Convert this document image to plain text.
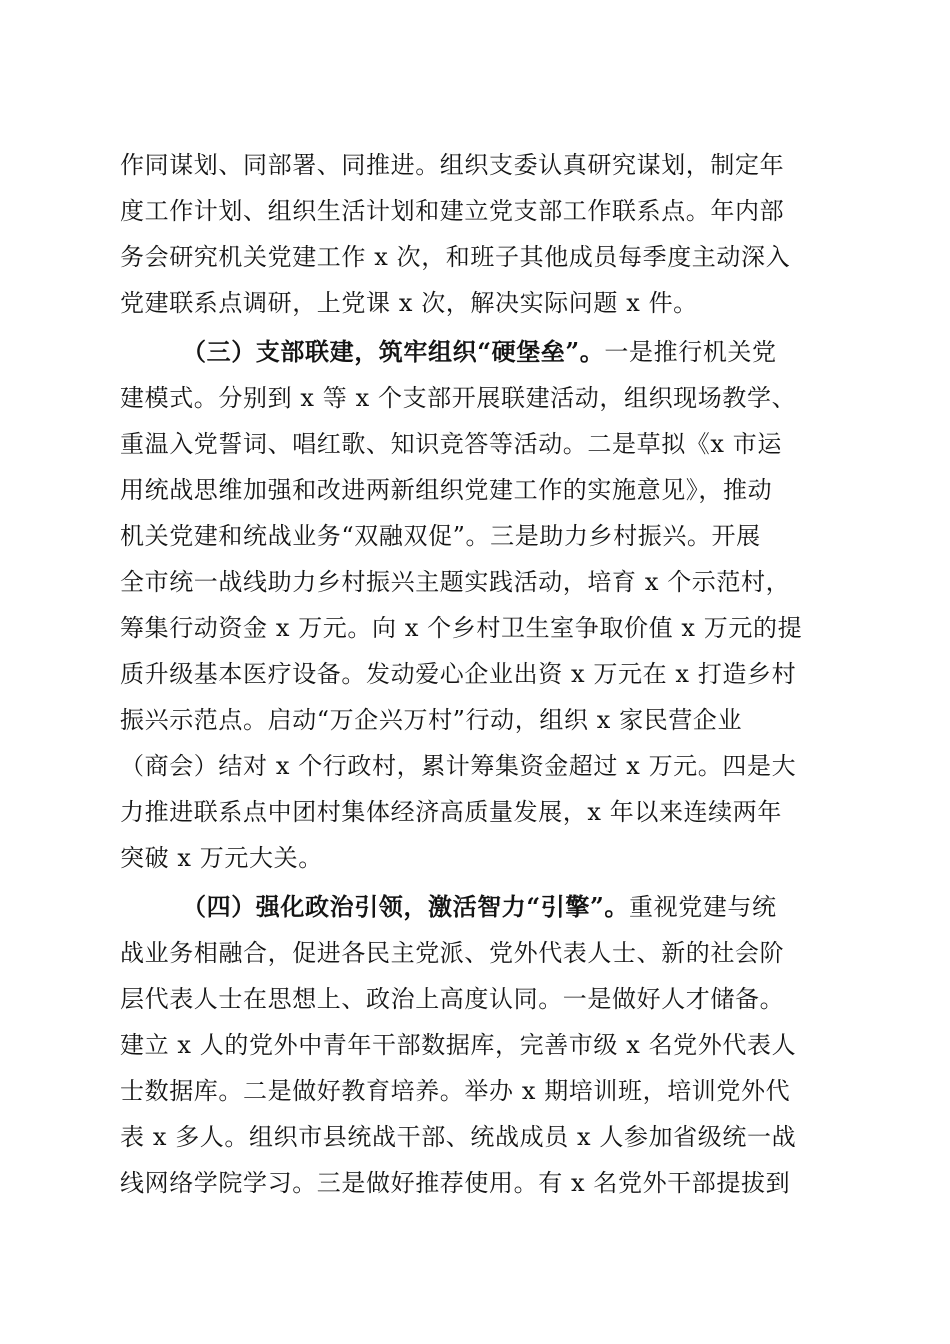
作同谋划、同部署、同推进。组织支委认真研究谋划，制定年
度工作计划、组织生活计划和建立党支部工作联系点。年内部
务会研究机关党建工作 x 次，和班子其他成员每季度主动深入
党建联系点调研，上党课 x 次，解决实际问题 x 件。
（三）支部联建，筑牢组织“硬堡垒”。一是推行机关党
建模式。分别到 x 等 x 个支部开展联建活动，组织现场教学、
重温入党誓词、唱红歌、知识竞答等活动。二是草拟《x 市运
用统战思维加强和改进两新组织党建工作的实施意见》，推动
机关党建和统战业务“双融双促”。三是助力乡村振兴。开展
全市统一战线助力乡村振兴主题实践活动，培育 x 个示范村，
筹集行动资金 x 万元。向 x 个乡村卫生室争取价值 x 万元的提
质升级基本医疗设备。发动爱心企业出资 x 万元在 x 打造乡村
振兴示范点。启动“万企兴万村”行动，组织 x 家民营企业
（商会）结对 x 个行政村，累计筹集资金超过 x 万元。四是大
力推进联系点中团村集体经济高质量发展，x 年以来连续两年
突破 x 万元大关。
（四）强化政治引领，激活智力“引擎”。重视党建与统
战业务相融合，促进各民主党派、党外代表人士、新的社会阶
层代表人士在思想上、政治上高度认同。一是做好人才储备。
建立 x 人的党外中青年干部数据库，完善市级 x 名党外代表人
士数据库。二是做好教育培养。举办 x 期培训班，培训党外代
表 x 多人。组织市县统战干部、统战成员 x 人参加省级统一战
线网络学院学习。三是做好推荐使用。有 x 名党外干部提拔到
